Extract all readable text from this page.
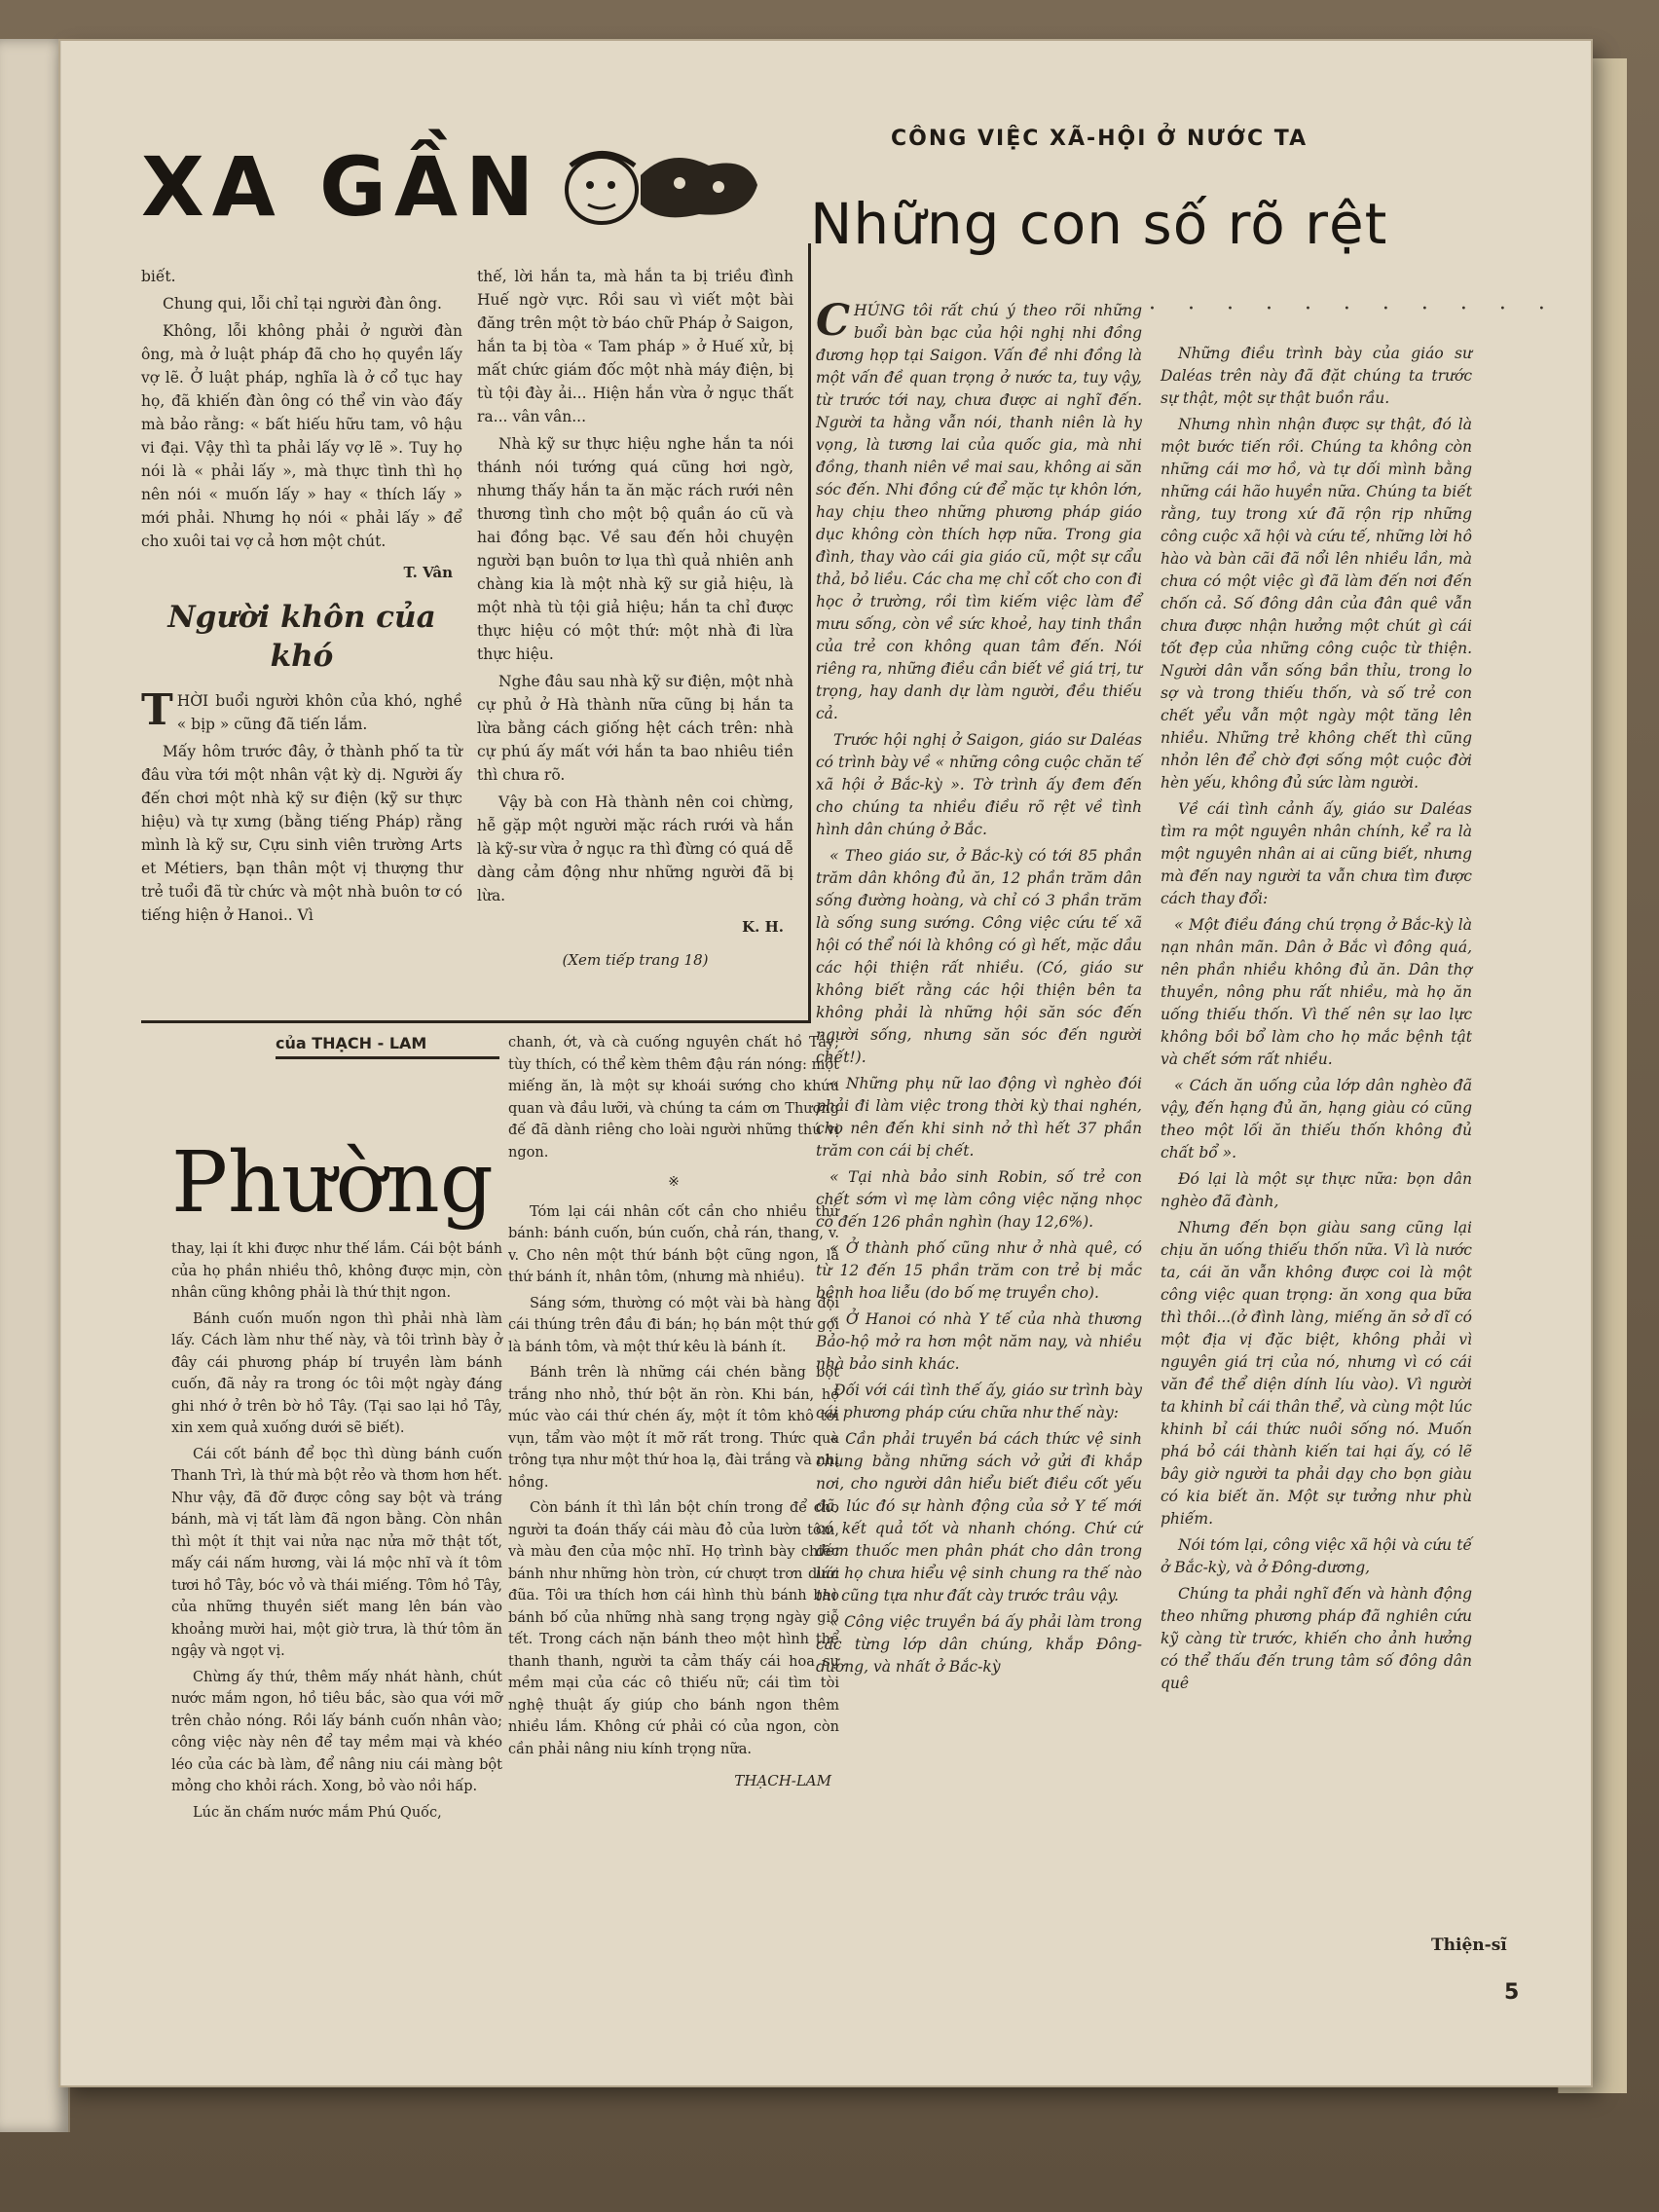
XA GẦN

biết.

Chung qui, lỗi chỉ tại người đàn ông.

Không, lỗi không phải ở người đàn ông, mà ở luật pháp đã cho họ quyền lấy vợ lẽ. Ở luật pháp, nghĩa là ở cổ tục hay họ, đã khiến đàn ông có thể vin vào đấy mà bảo rằng: « bất hiếu hữu tam, vô hậu vi đại. Vậy thì ta phải lấy vợ lẽ ». Tuy họ nói là « phải lấy », mà thực tình thì họ nên nói « muốn lấy » hay « thích lấy » mới phải. Nhưng họ nói « phải lấy » để cho xuôi tai vợ cả hơn một chút.

T. Vân
Người khôn của khó

THỜI buổi người khôn của khó, nghề « bịp » cũng đã tiến lắm.

Mấy hôm trước đây, ở thành phố ta từ đâu vừa tới một nhân vật kỳ dị. Người ấy đến chơi một nhà kỹ sư điện (kỹ sư thực hiệu) và tự xưng (bằng tiếng Pháp) rằng mình là kỹ sư, Cựu sinh viên trường Arts et Métiers, bạn thân một vị thượng thư trẻ tuổi đã từ chức và một nhà buôn tơ có tiếng hiện ở Hanoi.. Vì

thế, lời hắn ta, mà hắn ta bị triều đình Huế ngờ vực. Rồi sau vì viết một bài đăng trên một tờ báo chữ Pháp ở Saigon, hắn ta bị tòa « Tam pháp » ở Huế xử, bị mất chức giám đốc một nhà máy điện, bị tù tội đày ải... Hiện hắn vừa ở ngục thất ra... vân vân...

Nhà kỹ sư thực hiệu nghe hắn ta nói thánh nói tướng quá cũng hơi ngờ, nhưng thấy hắn ta ăn mặc rách rưới nên thương tình cho một bộ quần áo cũ và hai đồng bạc. Về sau đến hỏi chuyện người bạn buôn tơ lụa thì quả nhiên anh chàng kia là một nhà kỹ sư giả hiệu, là một nhà tù tội giả hiệu; hắn ta chỉ được thực hiệu có một thứ: một nhà đi lừa thực hiệu.

Nghe đâu sau nhà kỹ sư điện, một nhà cự phủ ở Hà thành nữa cũng bị hắn ta lừa bằng cách giống hệt cách trên: nhà cự phú ấy mất với hắn ta bao nhiêu tiền thì chưa rõ.

Vậy bà con Hà thành nên coi chừng, hễ gặp một người mặc rách rưới và hắn là kỹ-sư vừa ở ngục ra thì đừng có quá dễ dàng cảm động như những người đã bị lừa.

K. H.
(Xem tiếp trang 18)
CÔNG VIỆC XÃ-HỘI Ở NƯỚC TA
Những con số rõ rệt
· · · · · · · · · · ·

CHÚNG tôi rất chú ý theo rõi những buổi bàn bạc của hội nghị nhi đồng đương họp tại Saigon. Vấn đề nhi đồng là một vấn đề quan trọng ở nước ta, tuy vậy, từ trước tới nay, chưa được ai nghĩ đến. Người ta hằng vẫn nói, thanh niên là hy vọng, là tương lai của quốc gia, mà nhi đồng, thanh niên về mai sau, không ai săn sóc đến. Nhi đồng cứ để mặc tự khôn lớn, hay chịu theo những phương pháp giáo dục không còn thích hợp nữa. Trong gia đình, thay vào cái gia giáo cũ, một sự cẩu thả, bỏ liều. Các cha mẹ chỉ cốt cho con đi học ở trường, rồi tìm kiếm việc làm để mưu sống, còn về sức khoẻ, hay tinh thần của trẻ con không quan tâm đến. Nói riêng ra, những điều cần biết về giá trị, tư trọng, hay danh dự làm người, đều thiếu cả.

Trước hội nghị ở Saigon, giáo sư Daléas có trình bày về « những công cuộc chăn tế xã hội ở Bắc-kỳ ». Tờ trình ấy đem đến cho chúng ta nhiều điều rõ rệt về tình hình dân chúng ở Bắc.

« Theo giáo sư, ở Bắc-kỳ có tới 85 phần trăm dân không đủ ăn, 12 phần trăm dân sống đường hoàng, và chỉ có 3 phần trăm là sống sung sướng. Công việc cứu tế xã hội có thể nói là không có gì hết, mặc dầu các hội thiện rất nhiều. (Có, giáo sư không biết rằng các hội thiện bên ta không phải là những hội săn sóc đến người sống, nhưng săn sóc đến người chết!).

« Những phụ nữ lao động vì nghèo đói phải đi làm việc trong thời kỳ thai nghén, cho nên đến khi sinh nở thì hết 37 phần trăm con cái bị chết.

« Tại nhà bảo sinh Robin, số trẻ con chết sớm vì mẹ làm công việc nặng nhọc có đến 126 phần nghìn (hay 12,6%).

« Ở thành phố cũng như ở nhà quê, có từ 12 đến 15 phần trăm con trẻ bị mắc bệnh hoa liễu (do bố mẹ truyền cho).

« Ở Hanoi có nhà Y tế của nhà thương Bảo-hộ mở ra hơn một năm nay, và nhiều nhà bảo sinh khác.

Đối với cái tình thế ấy, giáo sư trình bày cái phương pháp cứu chữa như thế này:

« Cần phải truyền bá cách thức vệ sinh chung bằng những sách vở gửi đi khắp nơi, cho người dân hiểu biết điều cốt yếu đã, lúc đó sự hành động của sở Y tế mới có kết quả tốt và nhanh chóng. Chứ cứ đem thuốc men phân phát cho dân trong lúc họ chưa hiểu vệ sinh chung ra thế nào thì cũng tựa như đất cày trước trâu vậy.

« Công việc truyền bá ấy phải làm trong các từng lớp dân chúng, khắp Đông-dương, và nhất ở Bắc-kỳ

Những điều trình bày của giáo sư Daléas trên này đã đặt chúng ta trước sự thật, một sự thật buồn rầu.

Nhưng nhìn nhận được sự thật, đó là một bước tiến rồi. Chúng ta không còn những cái mơ hồ, và tự dối mình bằng những cái hão huyền nữa. Chúng ta biết rằng, tuy trong xứ đã rộn rịp những công cuộc xã hội và cứu tế, những lời hô hào và bàn cãi đã nổi lên nhiều lần, mà chưa có một việc gì đã làm đến nơi đến chốn cả. Số đông dân của đân quê vẫn chưa được nhận hưởng một chút gì cái tốt đẹp của những công cuộc từ thiện. Người dân vẫn sống bần thỉu, trong lo sợ và trong thiếu thốn, và số trẻ con chết yểu vẫn một ngày một tăng lên nhiều. Những trẻ không chết thì cũng nhỏn lên để chờ đợi sống một cuộc đời hèn yếu, không đủ sức làm người.

Về cái tình cảnh ấy, giáo sư Daléas tìm ra một nguyên nhân chính, kể ra là một nguyên nhân ai ai cũng biết, nhưng mà đến nay người ta vẫn chưa tìm được cách thay đổi:

« Một điều đáng chú trọng ở Bắc-kỳ là nạn nhân mãn. Dân ở Bắc vì đông quá, nên phần nhiều không đủ ăn. Dân thợ thuyền, nông phu rất nhiều, mà họ ăn uống thiếu thốn. Vì thế nên sự lao lực không bồi bổ làm cho họ mắc bệnh tật và chết sớm rất nhiều.

« Cách ăn uống của lớp dân nghèo đã vậy, đến hạng đủ ăn, hạng giàu có cũng theo một lối ăn thiếu thốn không đủ chất bổ ».

Đó lại là một sự thực nữa: bọn dân nghèo đã đành,

Nhưng đến bọn giàu sang cũng lại chịu ăn uống thiếu thốn nữa. Vì là nước ta, cái ăn vẫn không được coi là một công việc quan trọng: ăn xong qua bữa thì thôi...(ở đình làng, miếng ăn sở dĩ có một địa vị đặc biệt, không phải vì nguyên giá trị của nó, nhưng vì có cái văn đề thể diện dính líu vào). Vì người ta khinh bỉ cái thân thể, và cùng một lúc khinh bỉ cái thức nuôi sống nó. Muốn phá bỏ cái thành kiến tai hại ấy, có lẽ bây giờ người ta phải dạy cho bọn giàu có kia biết ăn. Một sự tưởng như phù phiếm.

Nói tóm lại, công việc xã hội và cứu tế ở Bắc-kỳ, và ở Đông-dương,

Chúng ta phải nghĩ đến và hành động theo những phương pháp đã nghiên cứu kỹ càng từ trước, khiến cho ảnh hưởng có thể thấu đến trung tâm số đông dân quê

Thiện-sĩ
5
của THẠCH - LAM
Phường

thay, lại ít khi được như thế lắm. Cái bột bánh của họ phần nhiều thô, không được mịn, còn nhân cũng không phải là thứ thịt ngon.

Bánh cuốn muốn ngon thì phải nhà làm lấy. Cách làm như thế này, và tôi trình bày ở đây cái phương pháp bí truyền làm bánh cuốn, đã nảy ra trong óc tôi một ngày đáng ghi nhớ ở trên bờ hồ Tây. (Tại sao lại hồ Tây, xin xem quả xuống dưới sẽ biết).

Cái cốt bánh để bọc thì dùng bánh cuốn Thanh Trì, là thứ mà bột rẻo và thơm hơn hết. Như vậy, đã đỡ được công say bột và tráng bánh, mà vị tất làm đã ngon bằng. Còn nhân thì một ít thịt vai nửa nạc nửa mỡ thật tốt, mấy cái nấm hương, vài lá mộc nhĩ và ít tôm tươi hồ Tây, bóc vỏ và thái miếng. Tôm hồ Tây, của những thuyền siết mang lên bán vào khoảng mười hai, một giờ trưa, là thứ tôm ăn ngậy và ngọt vị.

Chừng ấy thứ, thêm mấy nhát hành, chút nước mắm ngon, hồ tiêu bắc, sào qua với mỡ trên chảo nóng. Rồi lấy bánh cuốn nhân vào; công việc này nên để tay mềm mại và khéo léo của các bà làm, để nâng niu cái màng bột mỏng cho khỏi rách. Xong, bỏ vào nồi hấp.

Lúc ăn chấm nước mắm Phú Quốc,

chanh, ớt, và cà cuống nguyên chất hồ Tây; tùy thích, có thể kèm thêm đậu rán nóng: một miếng ăn, là một sự khoái sướng cho khứu quan và đầu lưỡi, và chúng ta cám ơn Thượng đế đã dành riêng cho loài người những thú vị ngon.

※

Tóm lại cái nhân cốt cần cho nhiều thứ bánh: bánh cuốn, bún cuốn, chả rán, thang, v. v. Cho nên một thứ bánh bột cũng ngon, là thứ bánh ít, nhân tôm, (nhưng mà nhiều).

Sáng sớm, thường có một vài bà hàng đội cái thúng trên đầu đi bán; họ bán một thứ gọi là bánh tôm, và một thứ kêu là bánh ít.

Bánh trên là những cái chén bằng bột trắng nho nhỏ, thứ bột ăn ròn. Khi bán, họ múc vào cái thứ chén ấy, một ít tôm khô tơi vụn, tẩm vào một ít mỡ rất trong. Thức quà trông tựa như một thứ hoa lạ, đài trắng và nhị hồng.

Còn bánh ít thì lần bột chín trong để cho người ta đoán thấy cái màu đỏ của lườn tôm, và màu đen của mộc nhĩ. Họ trình bày chiếc bánh như những hòn tròn, cứ chượt trơn dưới đũa. Tôi ưa thích hơn cái hình thù bánh bao bánh bố của những nhà sang trọng ngày giỗ tết. Trong cách nặn bánh theo một hình thể thanh thanh, người ta cảm thấy cái hoa sự mềm mại của các cô thiếu nữ; cái tìm tòi nghệ thuật ấy giúp cho bánh ngon thêm nhiều lắm. Không cứ phải có của ngon, còn cần phải nâng niu kính trọng nữa.

THẠCH-LAM
